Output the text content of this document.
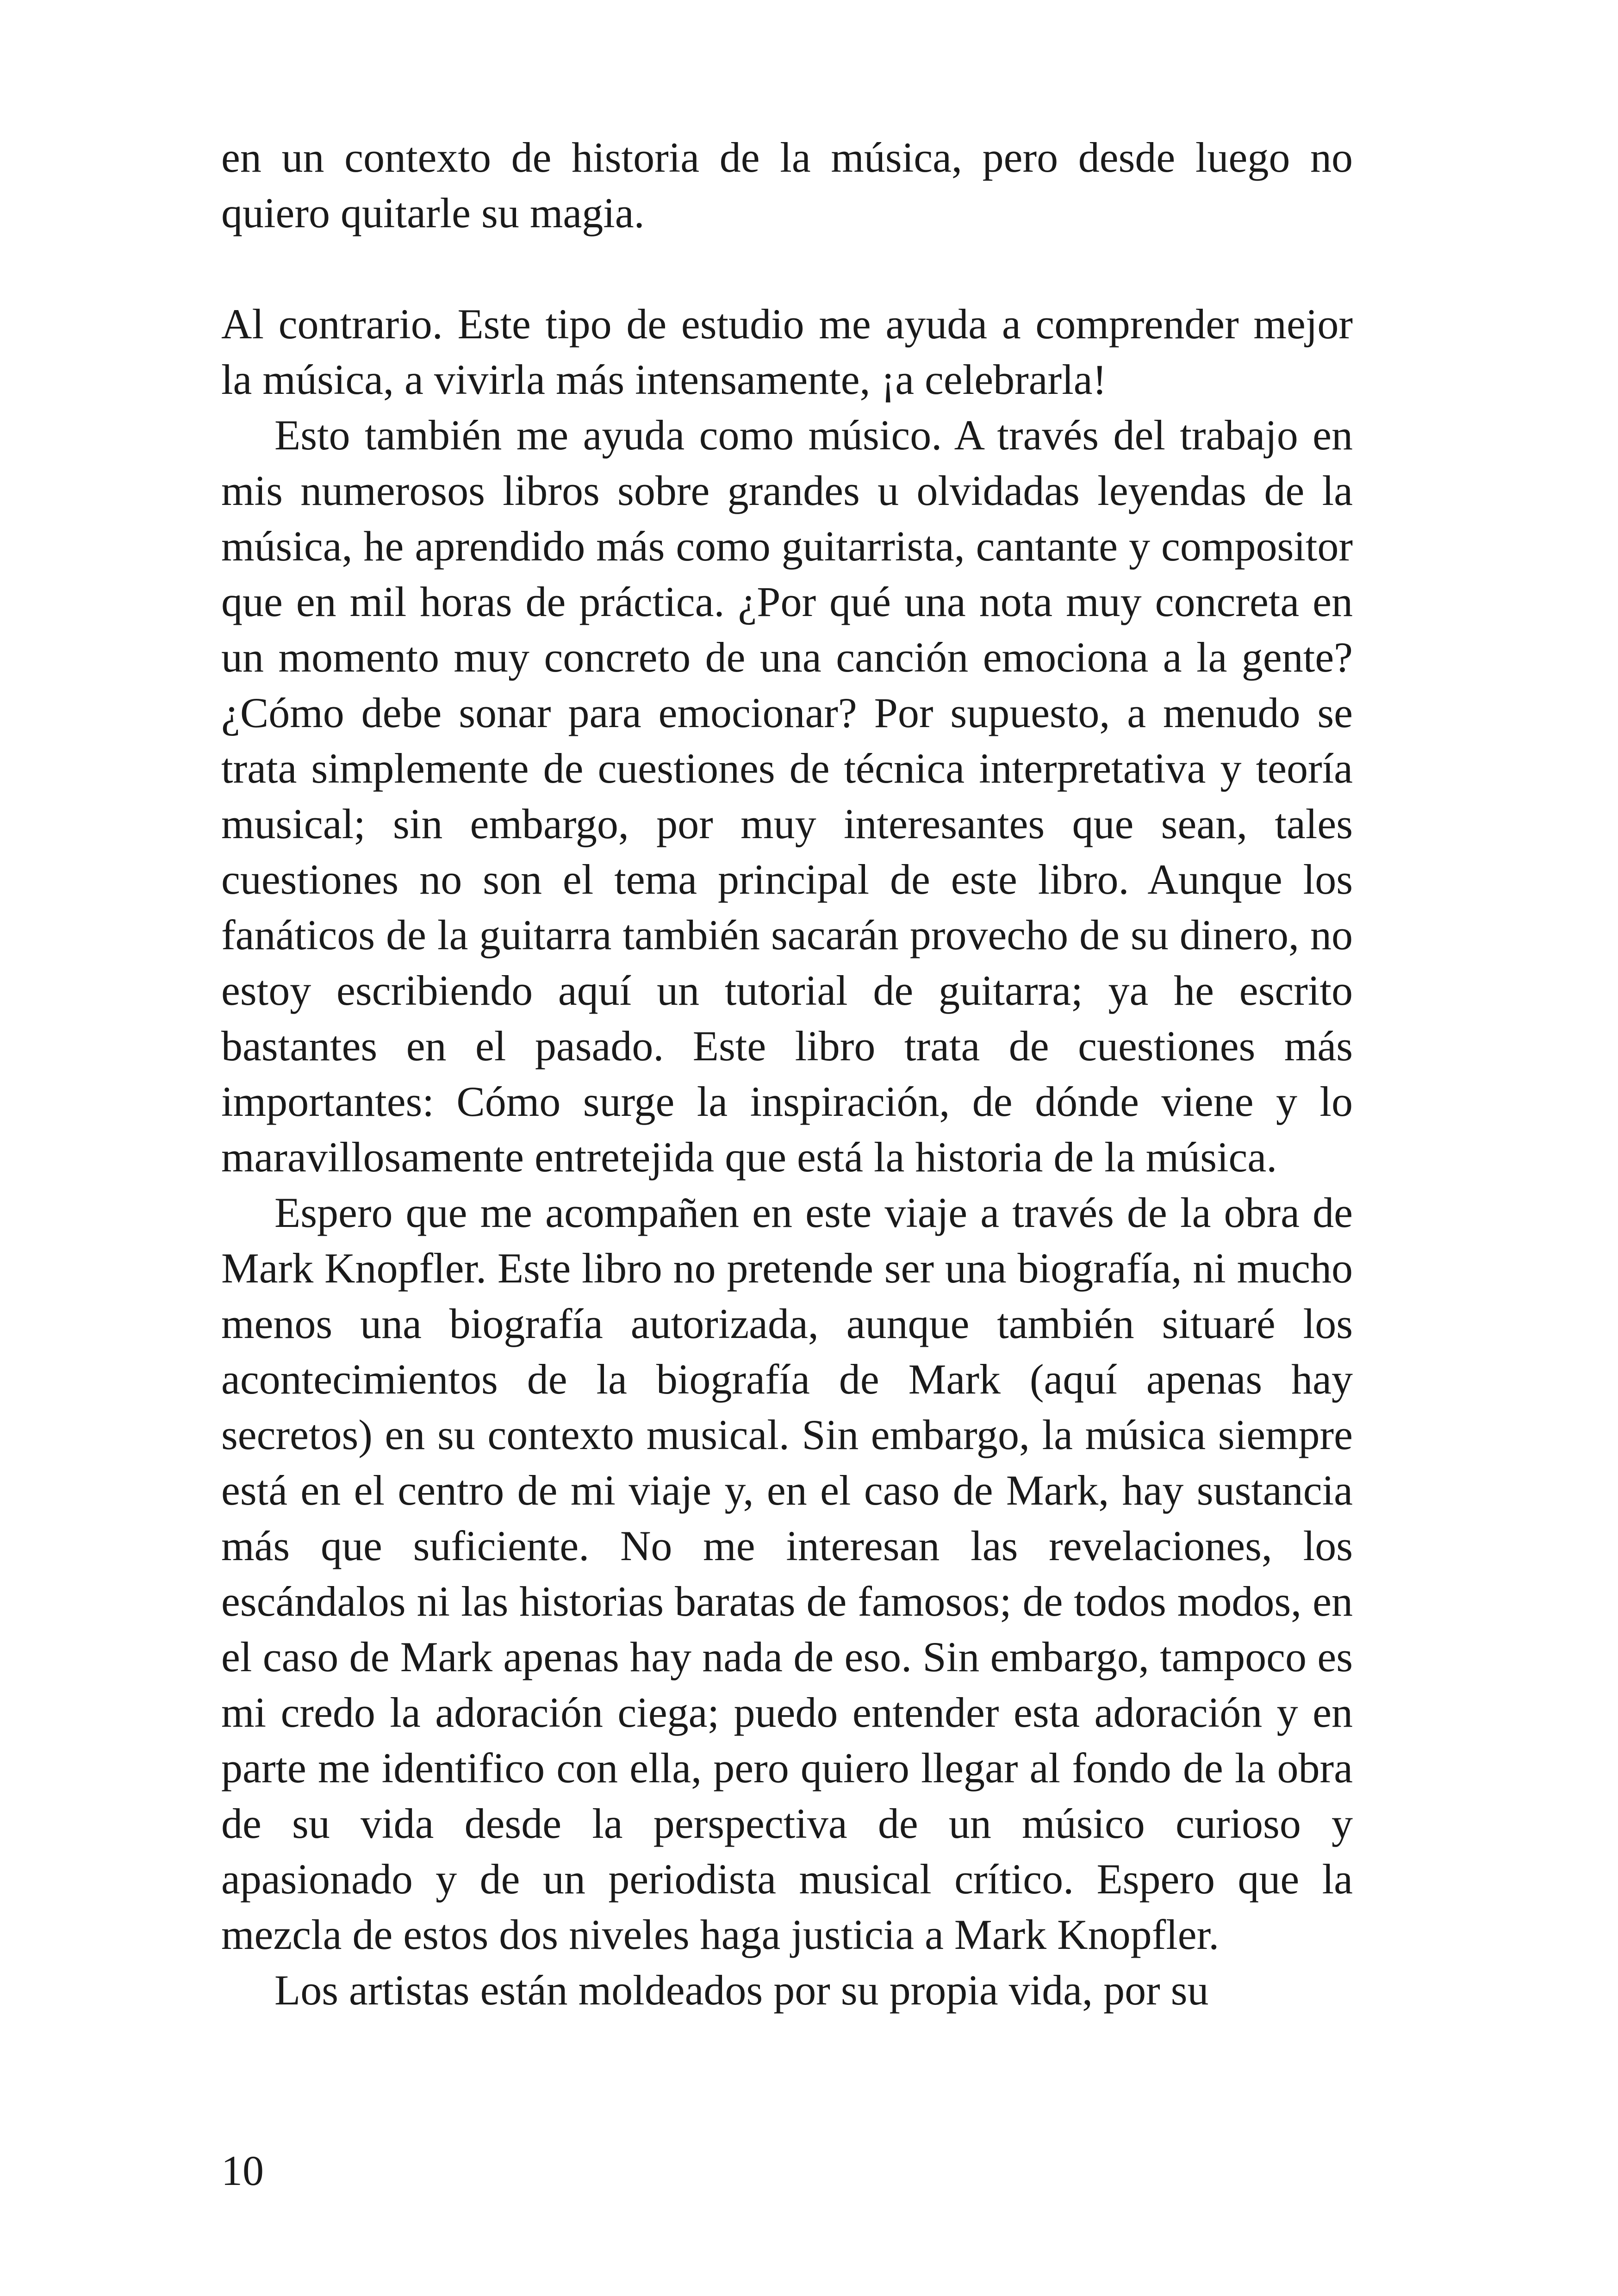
en un contexto de historia de la música, pero desde luego no quiero quitarle su magia.

Al contrario. Este tipo de estudio me ayuda a comprender mejor la música, a vivirla más intensamente, ¡a celebrarla!

Esto también me ayuda como músico. A través del trabajo en mis numerosos libros sobre grandes u olvidadas leyendas de la música, he aprendido más como guitarrista, cantante y compositor que en mil horas de práctica. ¿Por qué una nota muy concreta en un momento muy concreto de una canción emociona a la gente? ¿Cómo debe sonar para emocionar? Por supuesto, a menudo se trata simplemente de cuestiones de técnica interpretativa y teoría musical; sin embargo, por muy interesantes que sean, tales cuestiones no son el tema principal de este libro. Aunque los fanáticos de la guitarra también sacarán provecho de su dinero, no estoy escribiendo aquí un tutorial de guitarra; ya he escrito bastantes en el pasado. Este libro trata de cuestiones más importantes: Cómo surge la inspiración, de dónde viene y lo maravillosamente entretejida que está la historia de la música.

Espero que me acompañen en este viaje a través de la obra de Mark Knopfler. Este libro no pretende ser una biografía, ni mucho menos una biografía autorizada, aunque también situaré los acontecimientos de la biografía de Mark (aquí apenas hay secretos) en su contexto musical. Sin embargo, la música siempre está en el centro de mi viaje y, en el caso de Mark, hay sustancia más que suficiente. No me interesan las revelaciones, los escándalos ni las historias baratas de famosos; de todos modos, en el caso de Mark apenas hay nada de eso. Sin embargo, tampoco es mi credo la adoración ciega; puedo entender esta adoración y en parte me identifico con ella, pero quiero llegar al fondo de la obra de su vida desde la perspectiva de un músico curioso y apasionado y de un periodista musical crítico. Espero que la mezcla de estos dos niveles haga justicia a Mark Knopfler.

Los artistas están moldeados por su propia vida, por su

10
